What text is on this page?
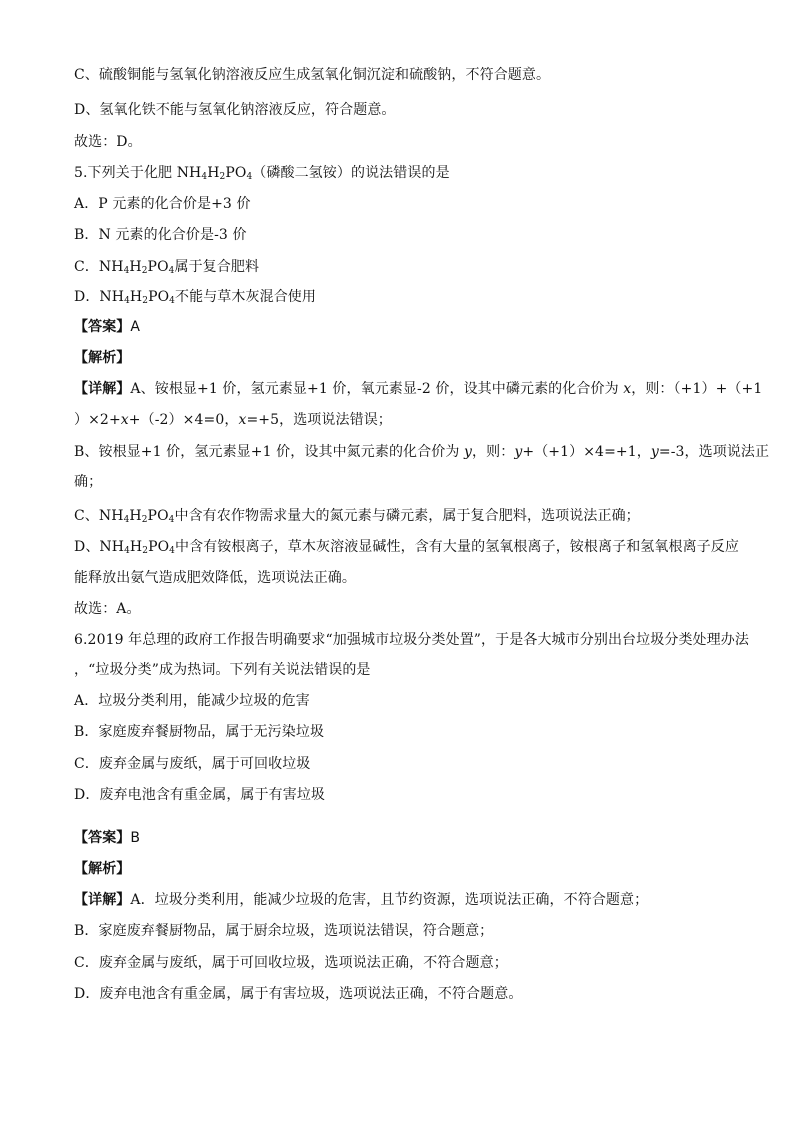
C、硫酸铜能与氢氧化钠溶液反应生成氢氧化铜沉淀和硫酸钠，不符合题意。
D、氢氧化铁不能与氢氧化钠溶液反应，符合题意。
故选：D。
5.下列关于化肥 $NH_4H_2PO_4$（磷酸二氢铵）的说法错误的是
A．P 元素的化合价是+3 价
B．N 元素的化合价是-3 价
C．$NH_4H_2PO_4$属于复合肥料
D．$NH_4H_2PO_4$不能与草木灰混合使用
【答案】A
【解析】
【详解】A、铵根显+1 价，氢元素显+1 价，氧元素显-2 价，设其中磷元素的化合价为 x，则：（+1）+（+1
）×2+x+（-2）×4=0，x=+5，选项说法错误；
B、铵根显+1 价，氢元素显+1 价，设其中氮元素的化合价为 y，则：y+（+1）×4=+1，y=-3，选项说法正
确；
C、$NH_4H_2PO_4$中含有农作物需求量大的氮元素与磷元素，属于复合肥料，选项说法正确；
D、$NH_4H_2PO_4$中含有铵根离子，草木灰溶液显碱性，含有大量的氢氧根离子，铵根离子和氢氧根离子反应
能释放出氨气造成肥效降低，选项说法正确。
故选：A。
6.2019 年总理的政府工作报告明确要求“加强城市垃圾分类处置”，于是各大城市分别出台垃圾分类处理办法
，“垃圾分类”成为热词。下列有关说法错误的是
A．垃圾分类利用，能减少垃圾的危害
B．家庭废弃餐厨物品，属于无污染垃圾
C．废弃金属与废纸，属于可回收垃圾
D．废弃电池含有重金属，属于有害垃圾
【答案】B
【解析】
【详解】A．垃圾分类利用，能减少垃圾的危害，且节约资源，选项说法正确，不符合题意；
B．家庭废弃餐厨物品，属于厨余垃圾，选项说法错误，符合题意；
C．废弃金属与废纸，属于可回收垃圾，选项说法正确，不符合题意；
D．废弃电池含有重金属，属于有害垃圾，选项说法正确，不符合题意。
